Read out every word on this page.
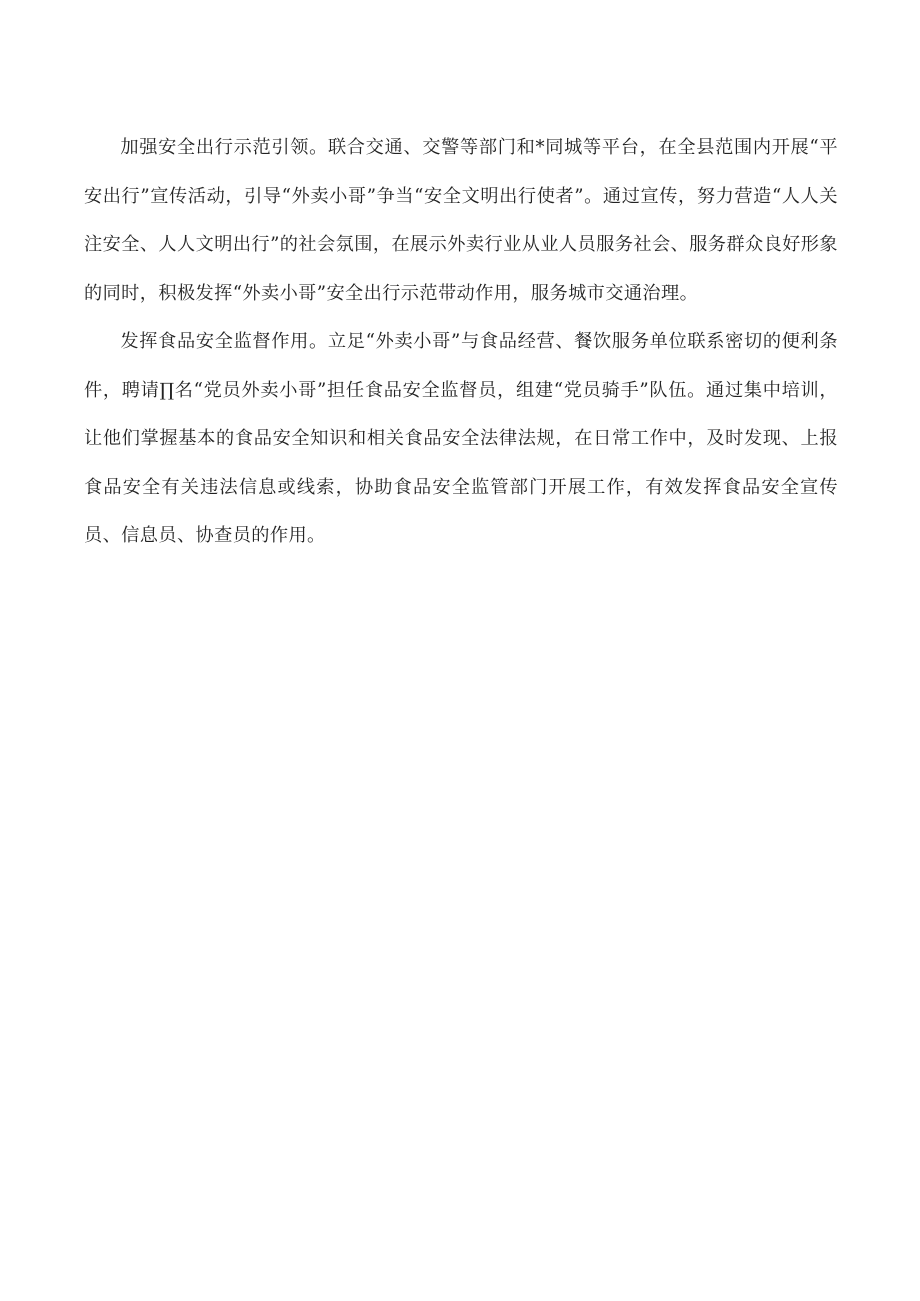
加强安全出行示范引领。联合交通、交警等部门和*同城等平台，在全县范围内开展“平安出行”宣传活动，引导“外卖小哥”争当“安全文明出行使者”。通过宣传，努力营造“人人关注安全、人人文明出行”的社会氛围，在展示外卖行业从业人员服务社会、服务群众良好形象的同时，积极发挥“外卖小哥”安全出行示范带动作用，服务城市交通治理。

发挥食品安全监督作用。立足“外卖小哥”与食品经营、餐饮服务单位联系密切的便利条件，聘请∏名“党员外卖小哥”担任食品安全监督员，组建“党员骑手”队伍。通过集中培训，让他们掌握基本的食品安全知识和相关食品安全法律法规，在日常工作中，及时发现、上报食品安全有关违法信息或线索，协助食品安全监管部门开展工作，有效发挥食品安全宣传员、信息员、协查员的作用。
